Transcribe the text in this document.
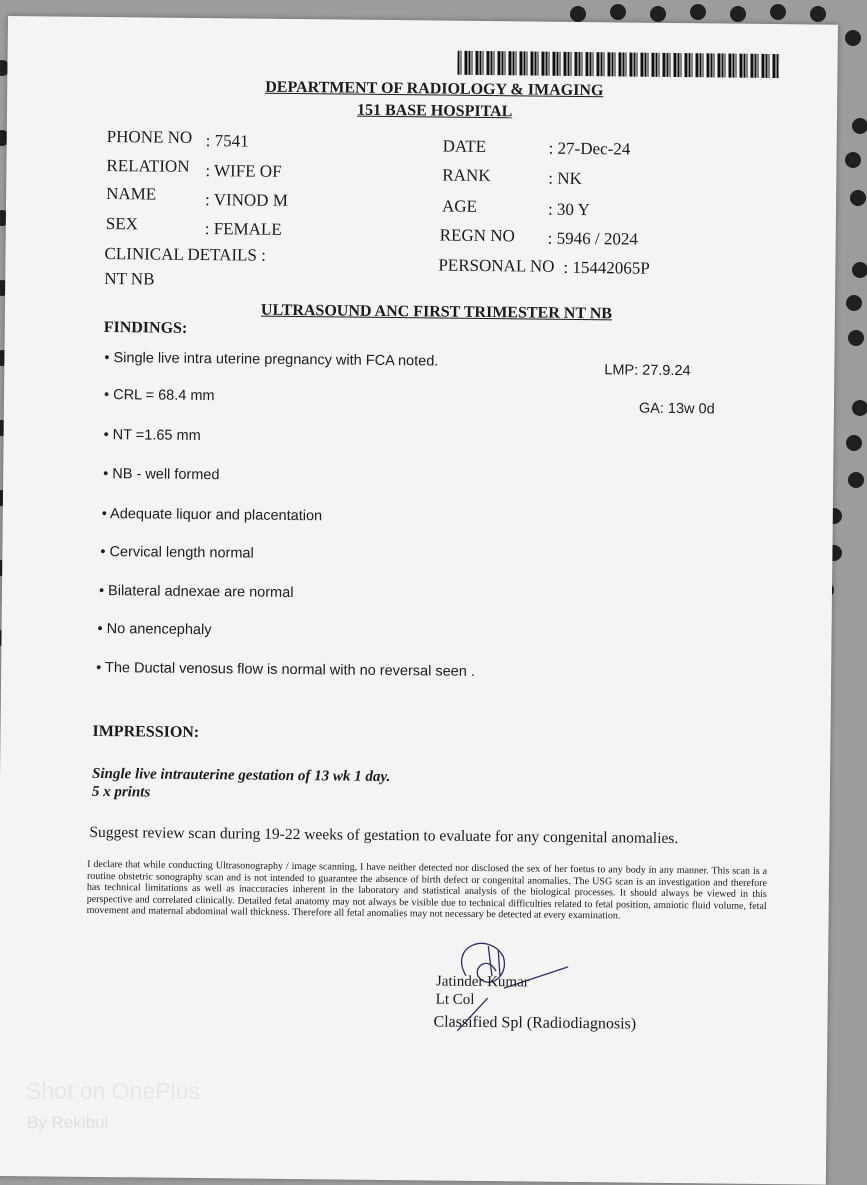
DEPARTMENT OF RADIOLOGY & IMAGING
151 BASE HOSPITAL
PHONE NO : 7541
RELATION : WIFE OF
NAME	: VINOD M
SEX	: FEMALE
CLINICAL DETAILS :
NT NB
DATE	: 27-Dec-24
RANK	: NK
AGE	: 30 Y
REGN NO : 5946 / 2024
PERSONAL NO : 15442065P
ULTRASOUND ANC FIRST TRIMESTER NT NB
FINDINGS:
• Single live intra uterine pregnancy with FCA noted.
LMP: 27.9.24
• CRL = 68.4 mm
GA: 13w 0d
• NT =1.65 mm
• NB - well formed
• Adequate liquor and placentation
• Cervical length normal
• Bilateral adnexae are normal
• No anencephaly
• The Ductal venosus flow is normal with no reversal seen .
IMPRESSION:
Single live intrauterine gestation of 13 wk 1 day.
5 x prints
Suggest review scan during 19-22 weeks of gestation to evaluate for any congenital anomalies.
I declare that while conducting Ultrasonography / image scanning, I have neither detected nor disclosed the sex of her foetus to any body in any manner. This scan is a routine obstetric sonography scan and is not intended to guarantee the absence of birth defect or congenital anomalies. The USG scan is an investigation and therefore has technical limitations as well as inaccuracies inherent in the laboratory and statistical analysis of the biological processes. It should always be viewed in this perspective and correlated clinically. Detailed fetal anatomy may not always be visible due to technical difficulties related to fetal position, amniotic fluid volume, fetal movement and maternal abdominal wall thickness. Therefore all fetal anomalies may not necessary be detected at every examination.
Jatinder Kumar
Lt Col
Classified Spl (Radiodiagnosis)
Shot on OnePlus
By Rekibul
